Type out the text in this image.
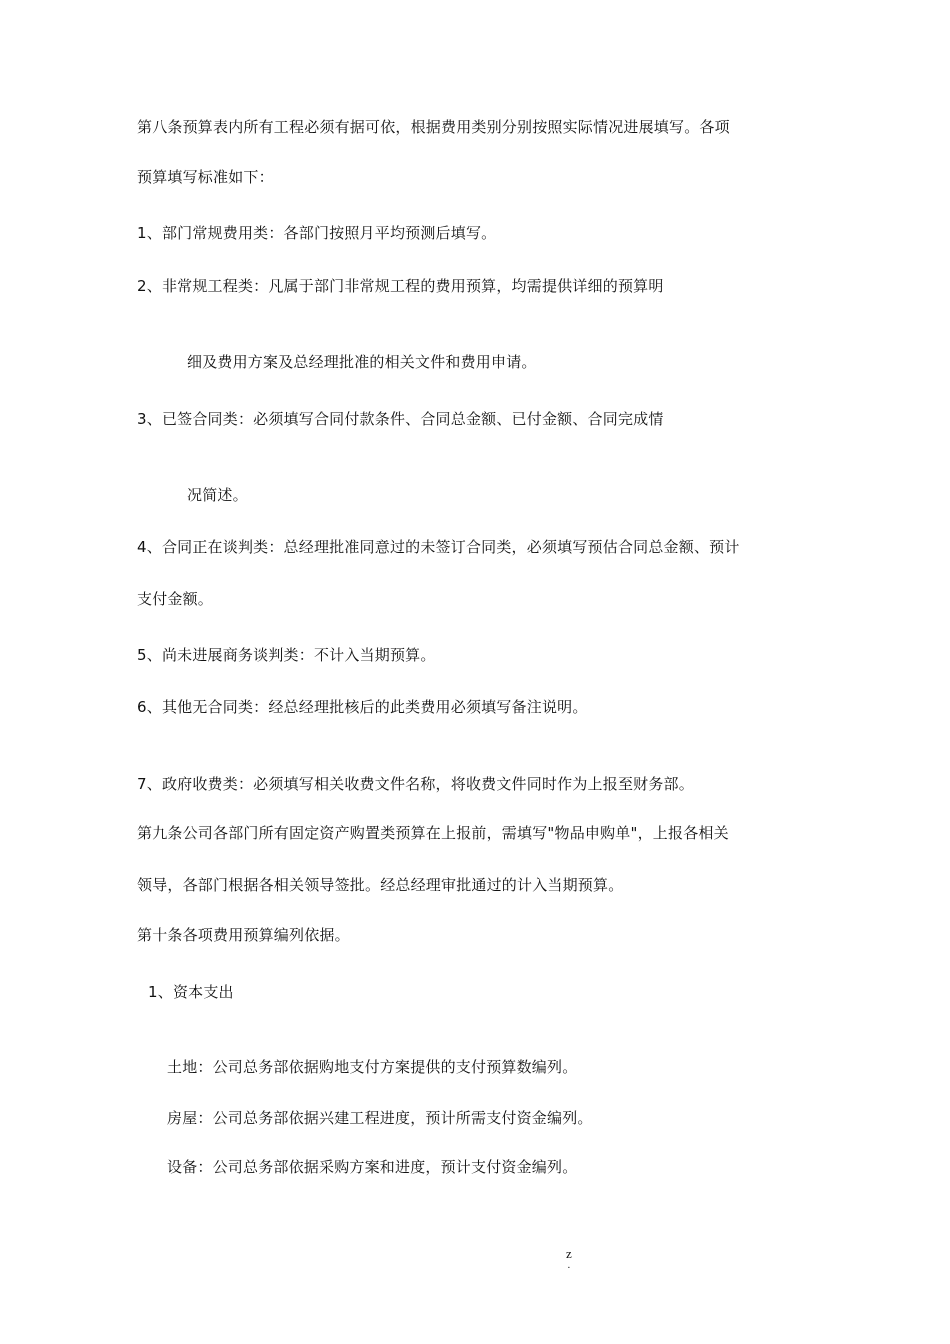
第八条预算表内所有工程必须有据可依，根据费用类别分别按照实际情况进展填写。各项
预算填写标准如下：
1、部门常规费用类：各部门按照月平均预测后填写。
2、非常规工程类：凡属于部门非常规工程的费用预算，均需提供详细的预算明
细及费用方案及总经理批准的相关文件和费用申请。
3、已签合同类：必须填写合同付款条件、合同总金额、已付金额、合同完成情
况简述。
4、合同正在谈判类：总经理批准同意过的未签订合同类，必须填写预估合同总金额、预计
支付金额。
5、尚未进展商务谈判类：不计入当期预算。
6、其他无合同类：经总经理批核后的此类费用必须填写备注说明。
7、政府收费类：必须填写相关收费文件名称，将收费文件同时作为上报至财务部。
第九条公司各部门所有固定资产购置类预算在上报前，需填写"物品申购单"，上报各相关
领导，各部门根据各相关领导签批。经总经理审批通过的计入当期预算。
第十条各项费用预算编列依据。
1、资本支出
土地：公司总务部依据购地支付方案提供的支付预算数编列。
房屋：公司总务部依据兴建工程进度，预计所需支付资金编列。
设备：公司总务部依据采购方案和进度，预计支付资金编列。
z
.
